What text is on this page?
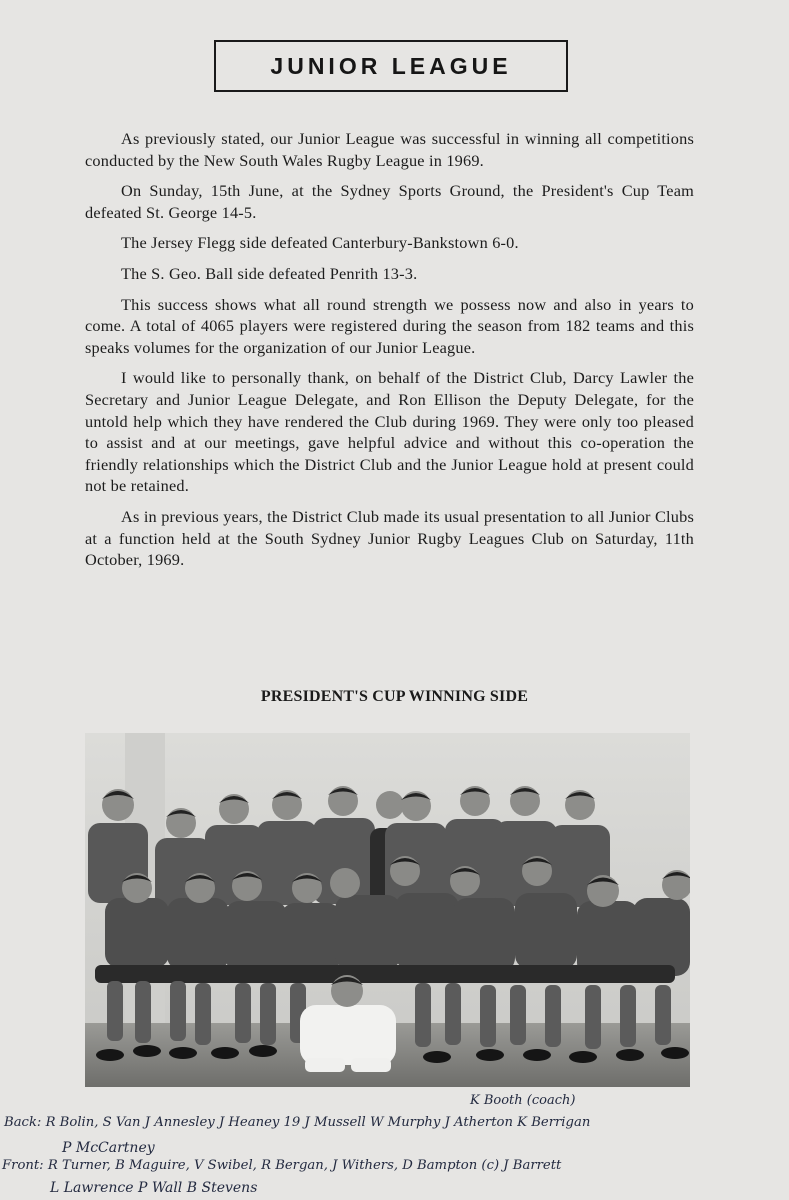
JUNIOR LEAGUE

As previously stated, our Junior League was successful in winning all competitions conducted by the New South Wales Rugby League in 1969.

On Sunday, 15th June, at the Sydney Sports Ground, the President's Cup Team defeated St. George 14-5.

The Jersey Flegg side defeated Canterbury-Bankstown 6-0.

The S. Geo. Ball side defeated Penrith 13-3.

This success shows what all round strength we possess now and also in years to come. A total of 4065 players were registered during the season from 182 teams and this speaks volumes for the organization of our Junior League.

I would like to personally thank, on behalf of the District Club, Darcy Lawler the Secretary and Junior League Delegate, and Ron Ellison the Deputy Delegate, for the untold help which they have rendered the Club during 1969. They were only too pleased to assist and at our meetings, gave helpful advice and without this co-operation the friendly relationships which the District Club and the Junior League hold at present could not be retained.

As in previous years, the District Club made its usual presentation to all Junior Clubs at a function held at the South Sydney Junior Rugby Leagues Club on Saturday, 11th October, 1969.

PRESIDENT'S CUP WINNING SIDE
K Booth (coach)
Back: R Bolin, S Van J Annesley J Heaney 19 J Mussell W Murphy J Atherton K Berrigan
P McCartney
Front: R Turner, B Maguire, V Swibel, R Bergan, J Withers, D Bampton (c) J Barrett
L Lawrence P Wall B Stevens
